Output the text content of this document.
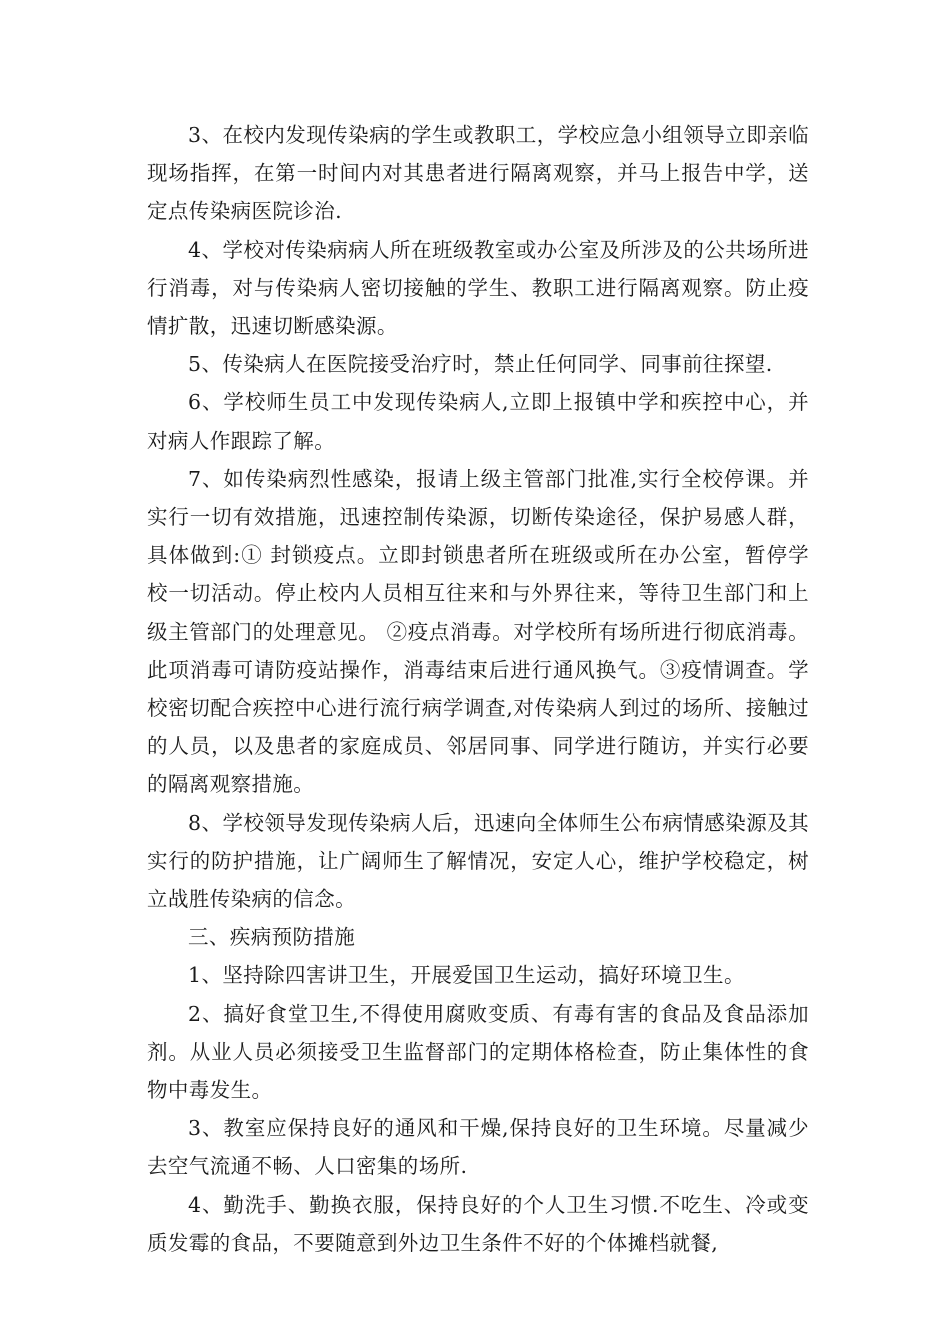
3、在校内发现传染病的学生或教职工，学校应急小组领导立即亲临现场指挥，在第一时间内对其患者进行隔离观察，并马上报告中学，送定点传染病医院诊治.

4、学校对传染病病人所在班级教室或办公室及所涉及的公共场所进行消毒，对与传染病人密切接触的学生、教职工进行隔离观察。防止疫情扩散，迅速切断感染源。

5、传染病人在医院接受治疗时，禁止任何同学、同事前往探望.

6、学校师生员工中发现传染病人,立即上报镇中学和疾控中心，并对病人作跟踪了解。

7、如传染病烈性感染，报请上级主管部门批准,实行全校停课。并实行一切有效措施，迅速控制传染源，切断传染途径，保护易感人群，具体做到:① 封锁疫点。立即封锁患者所在班级或所在办公室，暂停学校一切活动。停止校内人员相互往来和与外界往来，等待卫生部门和上级主管部门的处理意见。 ②疫点消毒。对学校所有场所进行彻底消毒。此项消毒可请防疫站操作，消毒结束后进行通风换气。③疫情调查。学校密切配合疾控中心进行流行病学调查,对传染病人到过的场所、接触过的人员，以及患者的家庭成员、邻居同事、同学进行随访，并实行必要的隔离观察措施。

8、学校领导发现传染病人后，迅速向全体师生公布病情感染源及其实行的防护措施，让广阔师生了解情况，安定人心，维护学校稳定，树立战胜传染病的信念。

三、疾病预防措施

1、坚持除四害讲卫生，开展爱国卫生运动，搞好环境卫生。

2、搞好食堂卫生,不得使用腐败变质、有毒有害的食品及食品添加剂。从业人员必须接受卫生监督部门的定期体格检查，防止集体性的食物中毒发生。

3、教室应保持良好的通风和干燥,保持良好的卫生环境。尽量减少去空气流通不畅、人口密集的场所.

4、勤洗手、勤换衣服，保持良好的个人卫生习惯.不吃生、冷或变质发霉的食品，不要随意到外边卫生条件不好的个体摊档就餐,
